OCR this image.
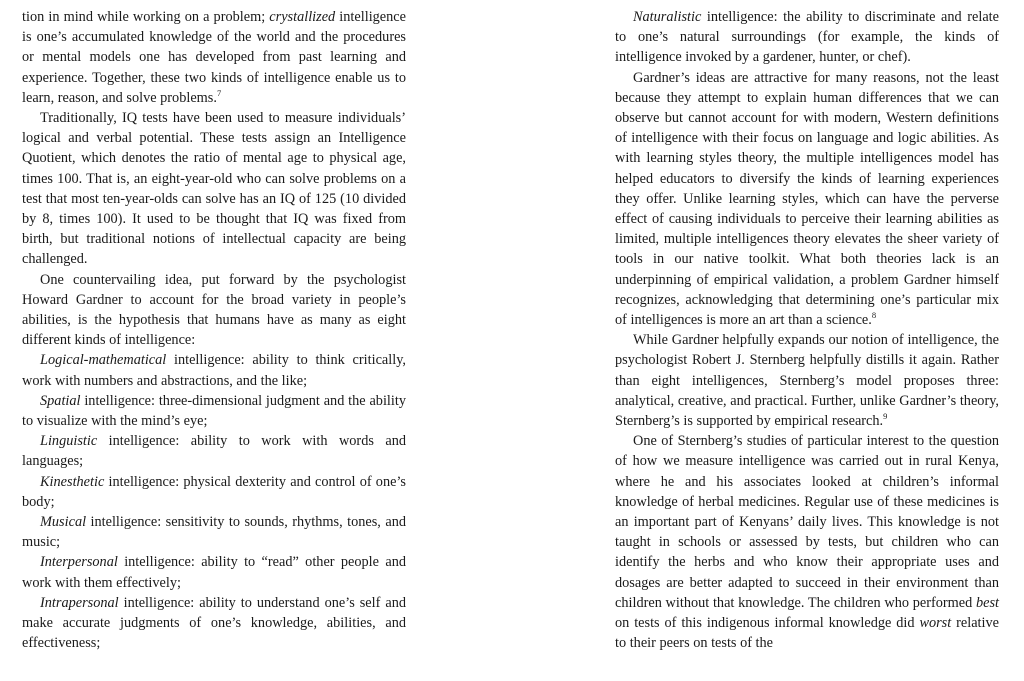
tion in mind while working on a problem; crystallized intelligence is one’s accumulated knowledge of the world and the procedures or mental models one has developed from past learning and experience. Together, these two kinds of intelligence enable us to learn, reason, and solve problems.$^7$

Traditionally, IQ tests have been used to measure individuals’ logical and verbal potential. These tests assign an Intelligence Quotient, which denotes the ratio of mental age to physical age, times 100. That is, an eight-year-old who can solve problems on a test that most ten-year-olds can solve has an IQ of 125 (10 divided by 8, times 100). It used to be thought that IQ was fixed from birth, but traditional notions of intellectual capacity are being challenged.

One countervailing idea, put forward by the psychologist Howard Gardner to account for the broad variety in people’s abilities, is the hypothesis that humans have as many as eight different kinds of intelligence:

Logical-mathematical intelligence: ability to think critically, work with numbers and abstractions, and the like;

Spatial intelligence: three-dimensional judgment and the ability to visualize with the mind’s eye;

Linguistic intelligence: ability to work with words and languages;

Kinesthetic intelligence: physical dexterity and control of one’s body;

Musical intelligence: sensitivity to sounds, rhythms, tones, and music;

Interpersonal intelligence: ability to “read” other people and work with them effectively;

Intrapersonal intelligence: ability to understand one’s self and make accurate judgments of one’s knowledge, abilities, and effectiveness;

Naturalistic intelligence: the ability to discriminate and relate to one’s natural surroundings (for example, the kinds of intelligence invoked by a gardener, hunter, or chef).

Gardner’s ideas are attractive for many reasons, not the least because they attempt to explain human differences that we can observe but cannot account for with modern, Western definitions of intelligence with their focus on language and logic abilities. As with learning styles theory, the multiple intelligences model has helped educators to diversify the kinds of learning experiences they offer. Unlike learning styles, which can have the perverse effect of causing individuals to perceive their learning abilities as limited, multiple intelligences theory elevates the sheer variety of tools in our native toolkit. What both theories lack is an underpinning of empirical validation, a problem Gardner himself recognizes, acknowledging that determining one’s particular mix of intelligences is more an art than a science.$^8$

While Gardner helpfully expands our notion of intelligence, the psychologist Robert J. Sternberg helpfully distills it again. Rather than eight intelligences, Sternberg’s model proposes three: analytical, creative, and practical. Further, unlike Gardner’s theory, Sternberg’s is supported by empirical research.$^9$

One of Sternberg’s studies of particular interest to the question of how we measure intelligence was carried out in rural Kenya, where he and his associates looked at children’s informal knowledge of herbal medicines. Regular use of these medicines is an important part of Kenyans’ daily lives. This knowledge is not taught in schools or assessed by tests, but children who can identify the herbs and who know their appropriate uses and dosages are better adapted to succeed in their environment than children without that knowledge. The children who performed best on tests of this indigenous informal knowledge did worst relative to their peers on tests of the
